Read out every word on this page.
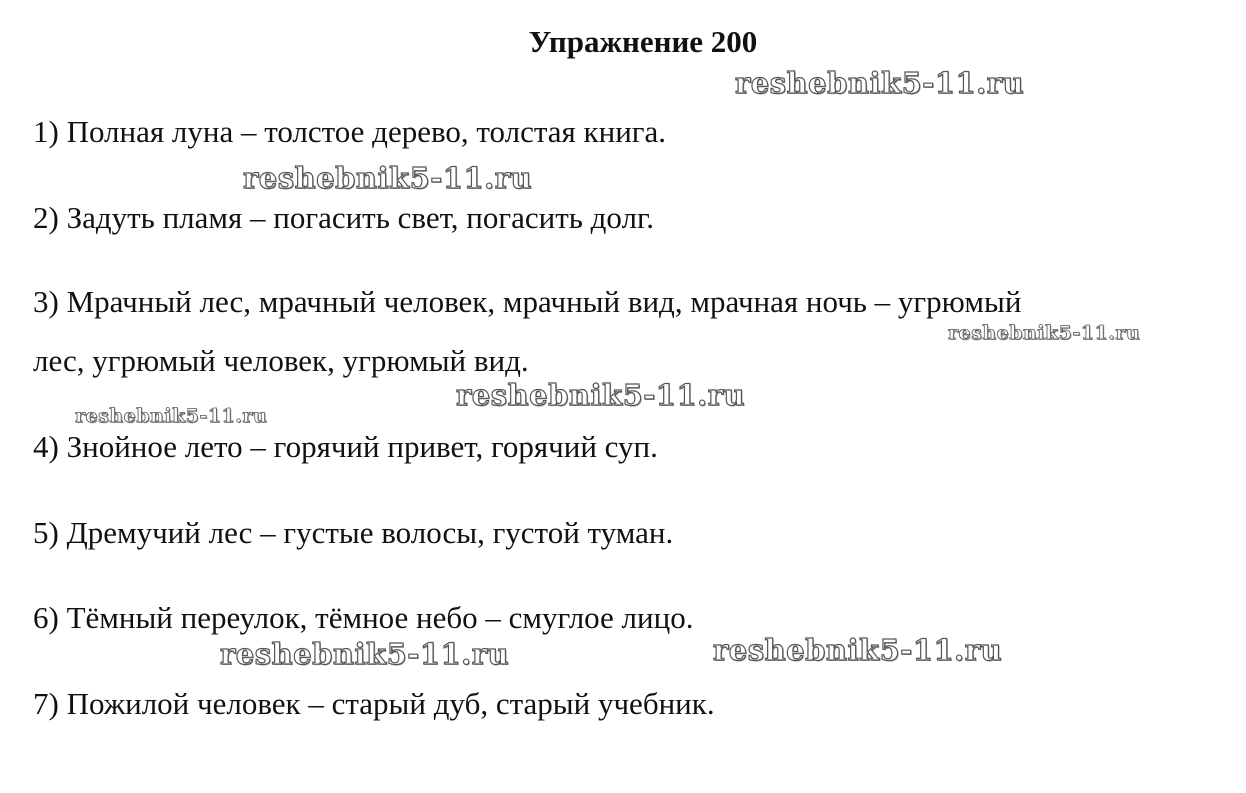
Упражнение 200
1) Полная луна – толстое дерево, толстая книга.
2) Задуть пламя – погасить свет, погасить долг.
3) Мрачный лес, мрачный человек, мрачный вид, мрачная ночь – угрюмый
лес, угрюмый человек, угрюмый вид.
4) Знойное лето – горячий привет, горячий суп.
5) Дремучий лес – густые волосы, густой туман.
6) Тёмный переулок, тёмное небо – смуглое лицо.
7) Пожилой человек – старый дуб, старый учебник.
reshebnik5-11.ru
reshebnik5-11.ru
reshebnik5-11.ru
reshebnik5-11.ru
reshebnik5-11.ru
reshebnik5-11.ru	reshebnik5-11.ru
